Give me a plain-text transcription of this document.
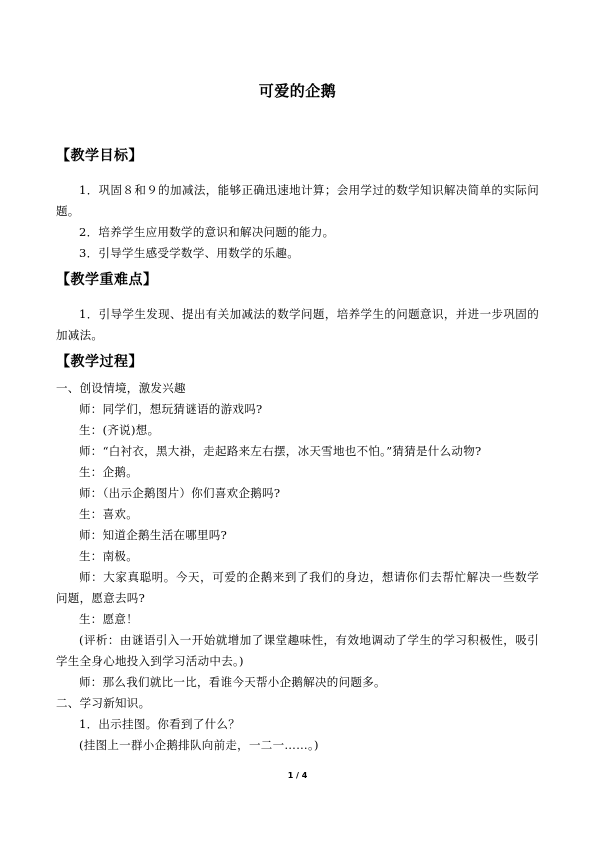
可爱的企鹅
【教学目标】

1．巩固８和９的加减法，能够正确迅速地计算；会用学过的数学知识解决简单的实际问题。

2．培养学生应用数学的意识和解决问题的能力。

3．引导学生感受学数学、用数学的乐趣。

【教学重难点】

1．引导学生发现、提出有关加减法的数学问题，培养学生的问题意识，并进一步巩固的加减法。

【教学过程】

一、创设情境，激发兴趣

师：同学们，想玩猜谜语的游戏吗?

生：(齐说)想。

师：“白衬衣，黑大褂，走起路来左右摆，冰天雪地也不怕。”猜猜是什么动物?

生：企鹅。

师：（出示企鹅图片）你们喜欢企鹅吗?

生：喜欢。

师：知道企鹅生活在哪里吗?

生：南极。

师：大家真聪明。今天，可爱的企鹅来到了我们的身边，想请你们去帮忙解决一些数学问题，愿意去吗?

生：愿意！

(评析：由谜语引入一开始就增加了课堂趣味性，有效地调动了学生的学习积极性，吸引学生全身心地投入到学习活动中去。)

师：那么我们就比一比，看谁今天帮小企鹅解决的问题多。

二、学习新知识。

1．出示挂图。你看到了什么？

(挂图上一群小企鹅排队向前走，一二一……。)

1 / 4
